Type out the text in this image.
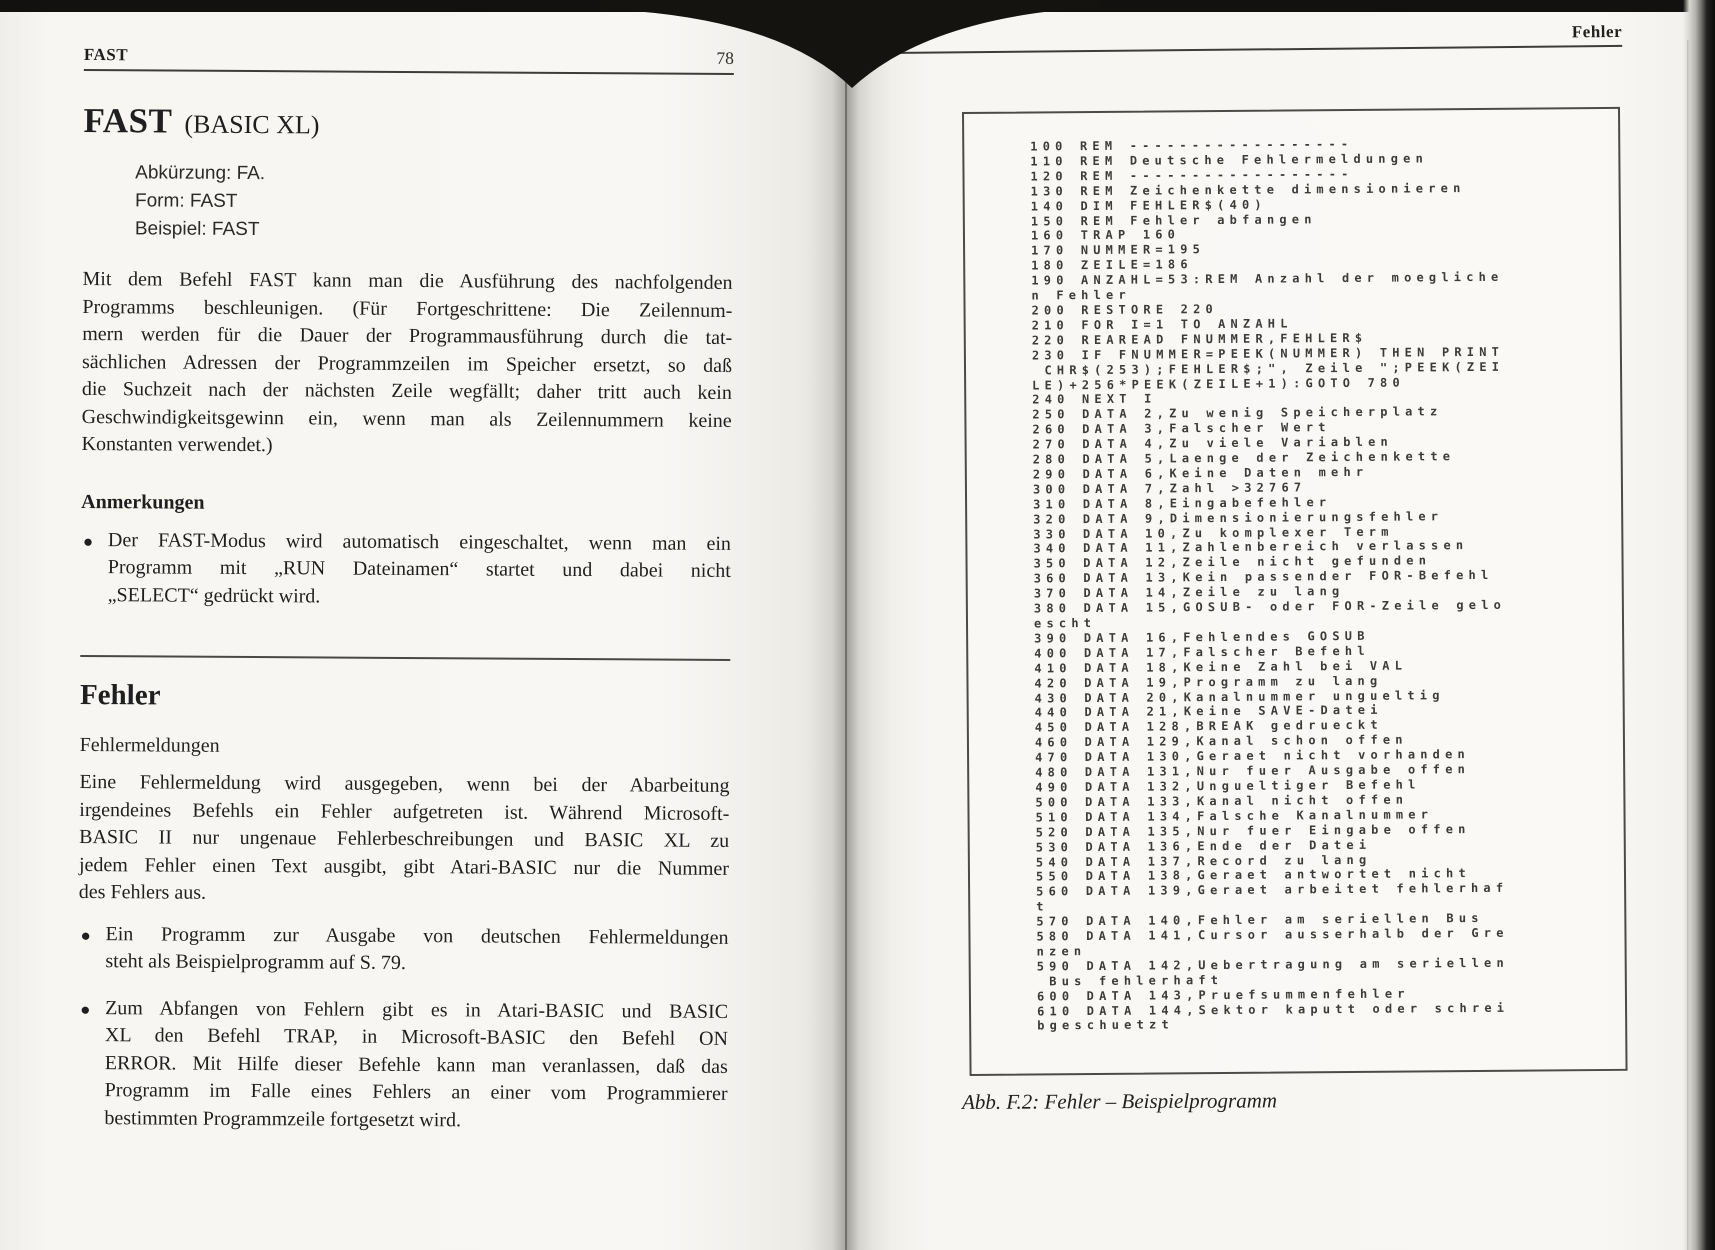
FAST	78
FAST (BASIC XL)
Abkürzung: FA.
Form: FAST
Beispiel: FAST
Mit dem Befehl FAST kann man die Ausführung des nachfolgenden
Programms beschleunigen. (Für Fortgeschrittene: Die Zeilennum-
mern werden für die Dauer der Programmausführung durch die tat-
sächlichen Adressen der Programmzeilen im Speicher ersetzt, so daß
die Suchzeit nach der nächsten Zeile wegfällt; daher tritt auch kein
Geschwindigkeitsgewinn ein, wenn man als Zeilennummern keine
Konstanten verwendet.)
Anmerkungen
● Der FAST-Modus wird automatisch eingeschaltet, wenn man ein
Programm mit „RUN Dateinamen“ startet und dabei nicht
„SELECT“ gedrückt wird.
Fehler
Fehlermeldungen
Eine Fehlermeldung wird ausgegeben, wenn bei der Abarbeitung
irgendeines Befehls ein Fehler aufgetreten ist. Während Microsoft-
BASIC II nur ungenaue Fehlerbeschreibungen und BASIC XL zu
jedem Fehler einen Text ausgibt, gibt Atari-BASIC nur die Nummer
des Fehlers aus.
● Ein Programm zur Ausgabe von deutschen Fehlermeldungen
steht als Beispielprogramm auf S. 79.
● Zum Abfangen von Fehlern gibt es in Atari-BASIC und BASIC
XL den Befehl TRAP, in Microsoft-BASIC den Befehl ON
ERROR. Mit Hilfe dieser Befehle kann man veranlassen, daß das
Programm im Falle eines Fehlers an einer vom Programmierer
bestimmten Programmzeile fortgesetzt wird.
Fehler
100 REM ------------------
110 REM Deutsche Fehlermeldungen
120 REM ------------------
130 REM Zeichenkette dimensionieren
140 DIM FEHLER$(40)
150 REM Fehler abfangen
160 TRAP 160
170 NUMMER=195
180 ZEILE=186
190 ANZAHL=53:REM Anzahl der moegliche
n Fehler
200 RESTORE 220
210 FOR I=1 TO ANZAHL
220 REAREAD FNUMMER,FEHLER$
230 IF FNUMMER=PEEK(NUMMER) THEN PRINT
CHR$(253);FEHLER$;", Zeile ";PEEK(ZEI
LE)+256*PEEK(ZEILE+1):GOTO 780
240 NEXT I
250 DATA 2,Zu wenig Speicherplatz
260 DATA 3,Falscher Wert
270 DATA 4,Zu viele Variablen
280 DATA 5,Laenge der Zeichenkette
290 DATA 6,Keine Daten mehr
300 DATA 7,Zahl >32767
310 DATA 8,Eingabefehler
320 DATA 9,Dimensionierungsfehler
330 DATA 10,Zu komplexer Term
340 DATA 11,Zahlenbereich verlassen
350 DATA 12,Zeile nicht gefunden
360 DATA 13,Kein passender FOR-Befehl
370 DATA 14,Zeile zu lang
380 DATA 15,GOSUB- oder FOR-Zeile gelo
escht
390 DATA 16,Fehlendes GOSUB
400 DATA 17,Falscher Befehl
410 DATA 18,Keine Zahl bei VAL
420 DATA 19,Programm zu lang
430 DATA 20,Kanalnummer ungueltig
440 DATA 21,Keine SAVE-Datei
450 DATA 128,BREAK gedrueckt
460 DATA 129,Kanal schon offen
470 DATA 130,Geraet nicht vorhanden
480 DATA 131,Nur fuer Ausgabe offen
490 DATA 132,Ungueltiger Befehl
500 DATA 133,Kanal nicht offen
510 DATA 134,Falsche Kanalnummer
520 DATA 135,Nur fuer Eingabe offen
530 DATA 136,Ende der Datei
540 DATA 137,Record zu lang
550 DATA 138,Geraet antwortet nicht
560 DATA 139,Geraet arbeitet fehlerhaf
t
570 DATA 140,Fehler am seriellen Bus
580 DATA 141,Cursor ausserhalb der Gre
nzen
590 DATA 142,Uebertragung am seriellen
Bus fehlerhaft
600 DATA 143,Pruefsummenfehler
610 DATA 144,Sektor kaputt oder schrei
bgeschuetzt
Abb. F.2: Fehler – Beispielprogramm
